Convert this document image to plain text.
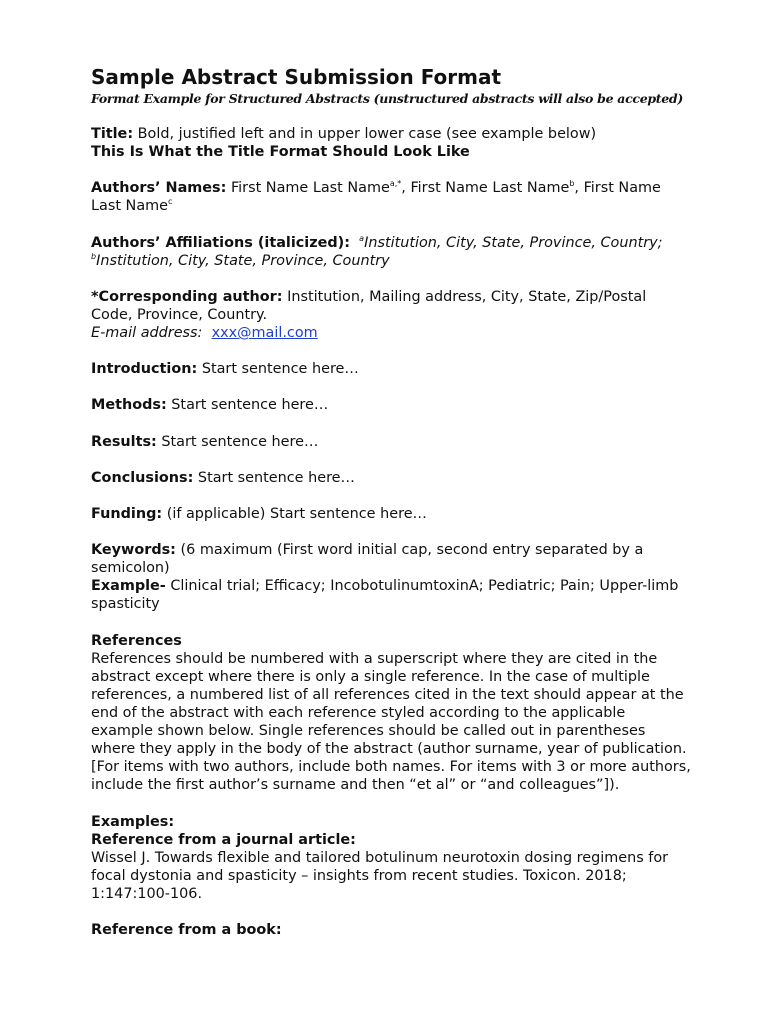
Sample Abstract Submission Format
Format Example for Structured Abstracts (unstructured abstracts will also be accepted)

Title: Bold, justified left and in upper lower case (see example below)

This Is What the Title Format Should Look Like

Authors’ Names: First Name Last Name$^{a,*}$, First Name Last Name$^b$, First Name Last Name$^c$

Authors’ Affiliations (italicized): $^a$Institution, City, State, Province, Country; $^b$Institution, City, State, Province, Country

*Corresponding author: Institution, Mailing address, City, State, Zip/Postal Code, Province, Country.

E-mail address: xxx@mail.com

Introduction: Start sentence here…

Methods: Start sentence here…

Results: Start sentence here…

Conclusions: Start sentence here…

Funding: (if applicable) Start sentence here…

Keywords: (6 maximum (First word initial cap, second entry separated by a semicolon)

Example- Clinical trial; Efficacy; IncobotulinumtoxinA; Pediatric; Pain; Upper-limb spasticity

References

References should be numbered with a superscript where they are cited in the abstract except where there is only a single reference. In the case of multiple references, a numbered list of all references cited in the text should appear at the end of the abstract with each reference styled according to the applicable example shown below. Single references should be called out in parentheses where they apply in the body of the abstract (author surname, year of publication. [For items with two authors, include both names. For items with 3 or more authors, include the first author’s surname and then “et al” or “and colleagues”]).

Examples:

Reference from a journal article:

Wissel J. Towards flexible and tailored botulinum neurotoxin dosing regimens for focal dystonia and spasticity – insights from recent studies. Toxicon. 2018; 1:147:100-106.

Reference from a book:
